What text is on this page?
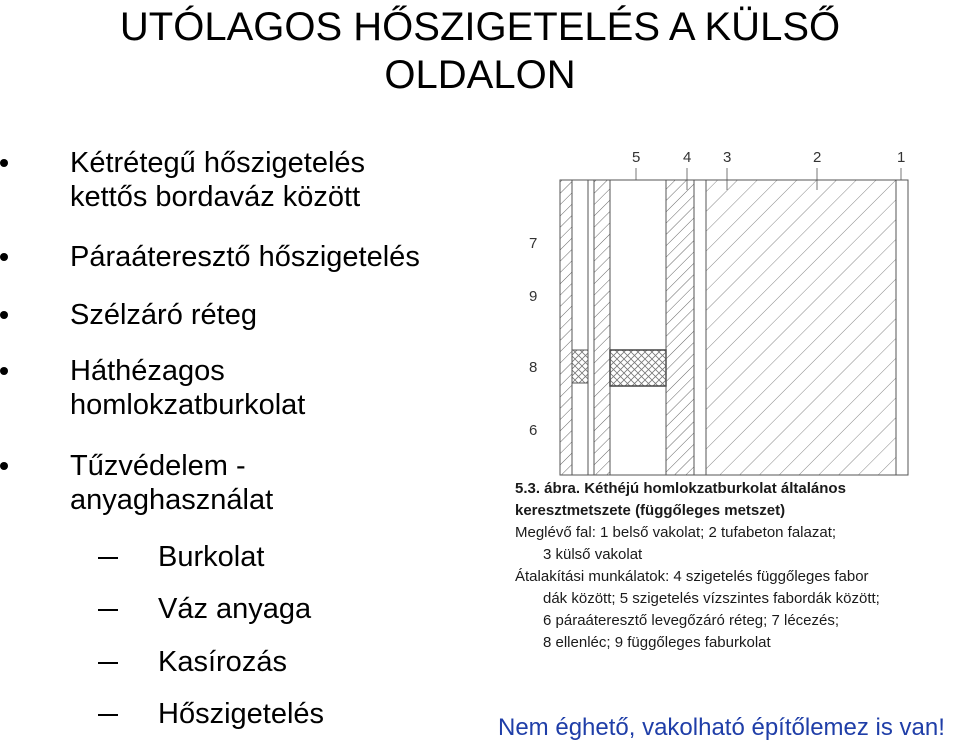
UTÓLAGOS HŐSZIGETELÉS A KÜLSŐ
OLDALON
Kétrétegű hőszigetelés
kettős bordaváz között
Páraáteresztő hőszigetelés
Szélzáró réteg
Háthézagos
homlokzatburkolat
Tűzvédelem -
anyaghasználat
Burkolat
Váz anyaga
Kasírozás
Hőszigetelés
5	4 3	2	1
7
9
8
6
5.3. ábra. Kéthéjú homlokzatburkolat általános
keresztmetszete (függőleges metszet)
Meglévő fal: 1 belső vakolat; 2 tufabeton falazat;
3 külső vakolat
Átalakítási munkálatok: 4 szigetelés függőleges fabor
dák között; 5 szigetelés vízszintes fabordák között;
6 páraáteresztő levegőzáró réteg; 7 lécezés;
8 ellenléc; 9 függőleges faburkolat
Nem éghető, vakolható építőlemez is van!
